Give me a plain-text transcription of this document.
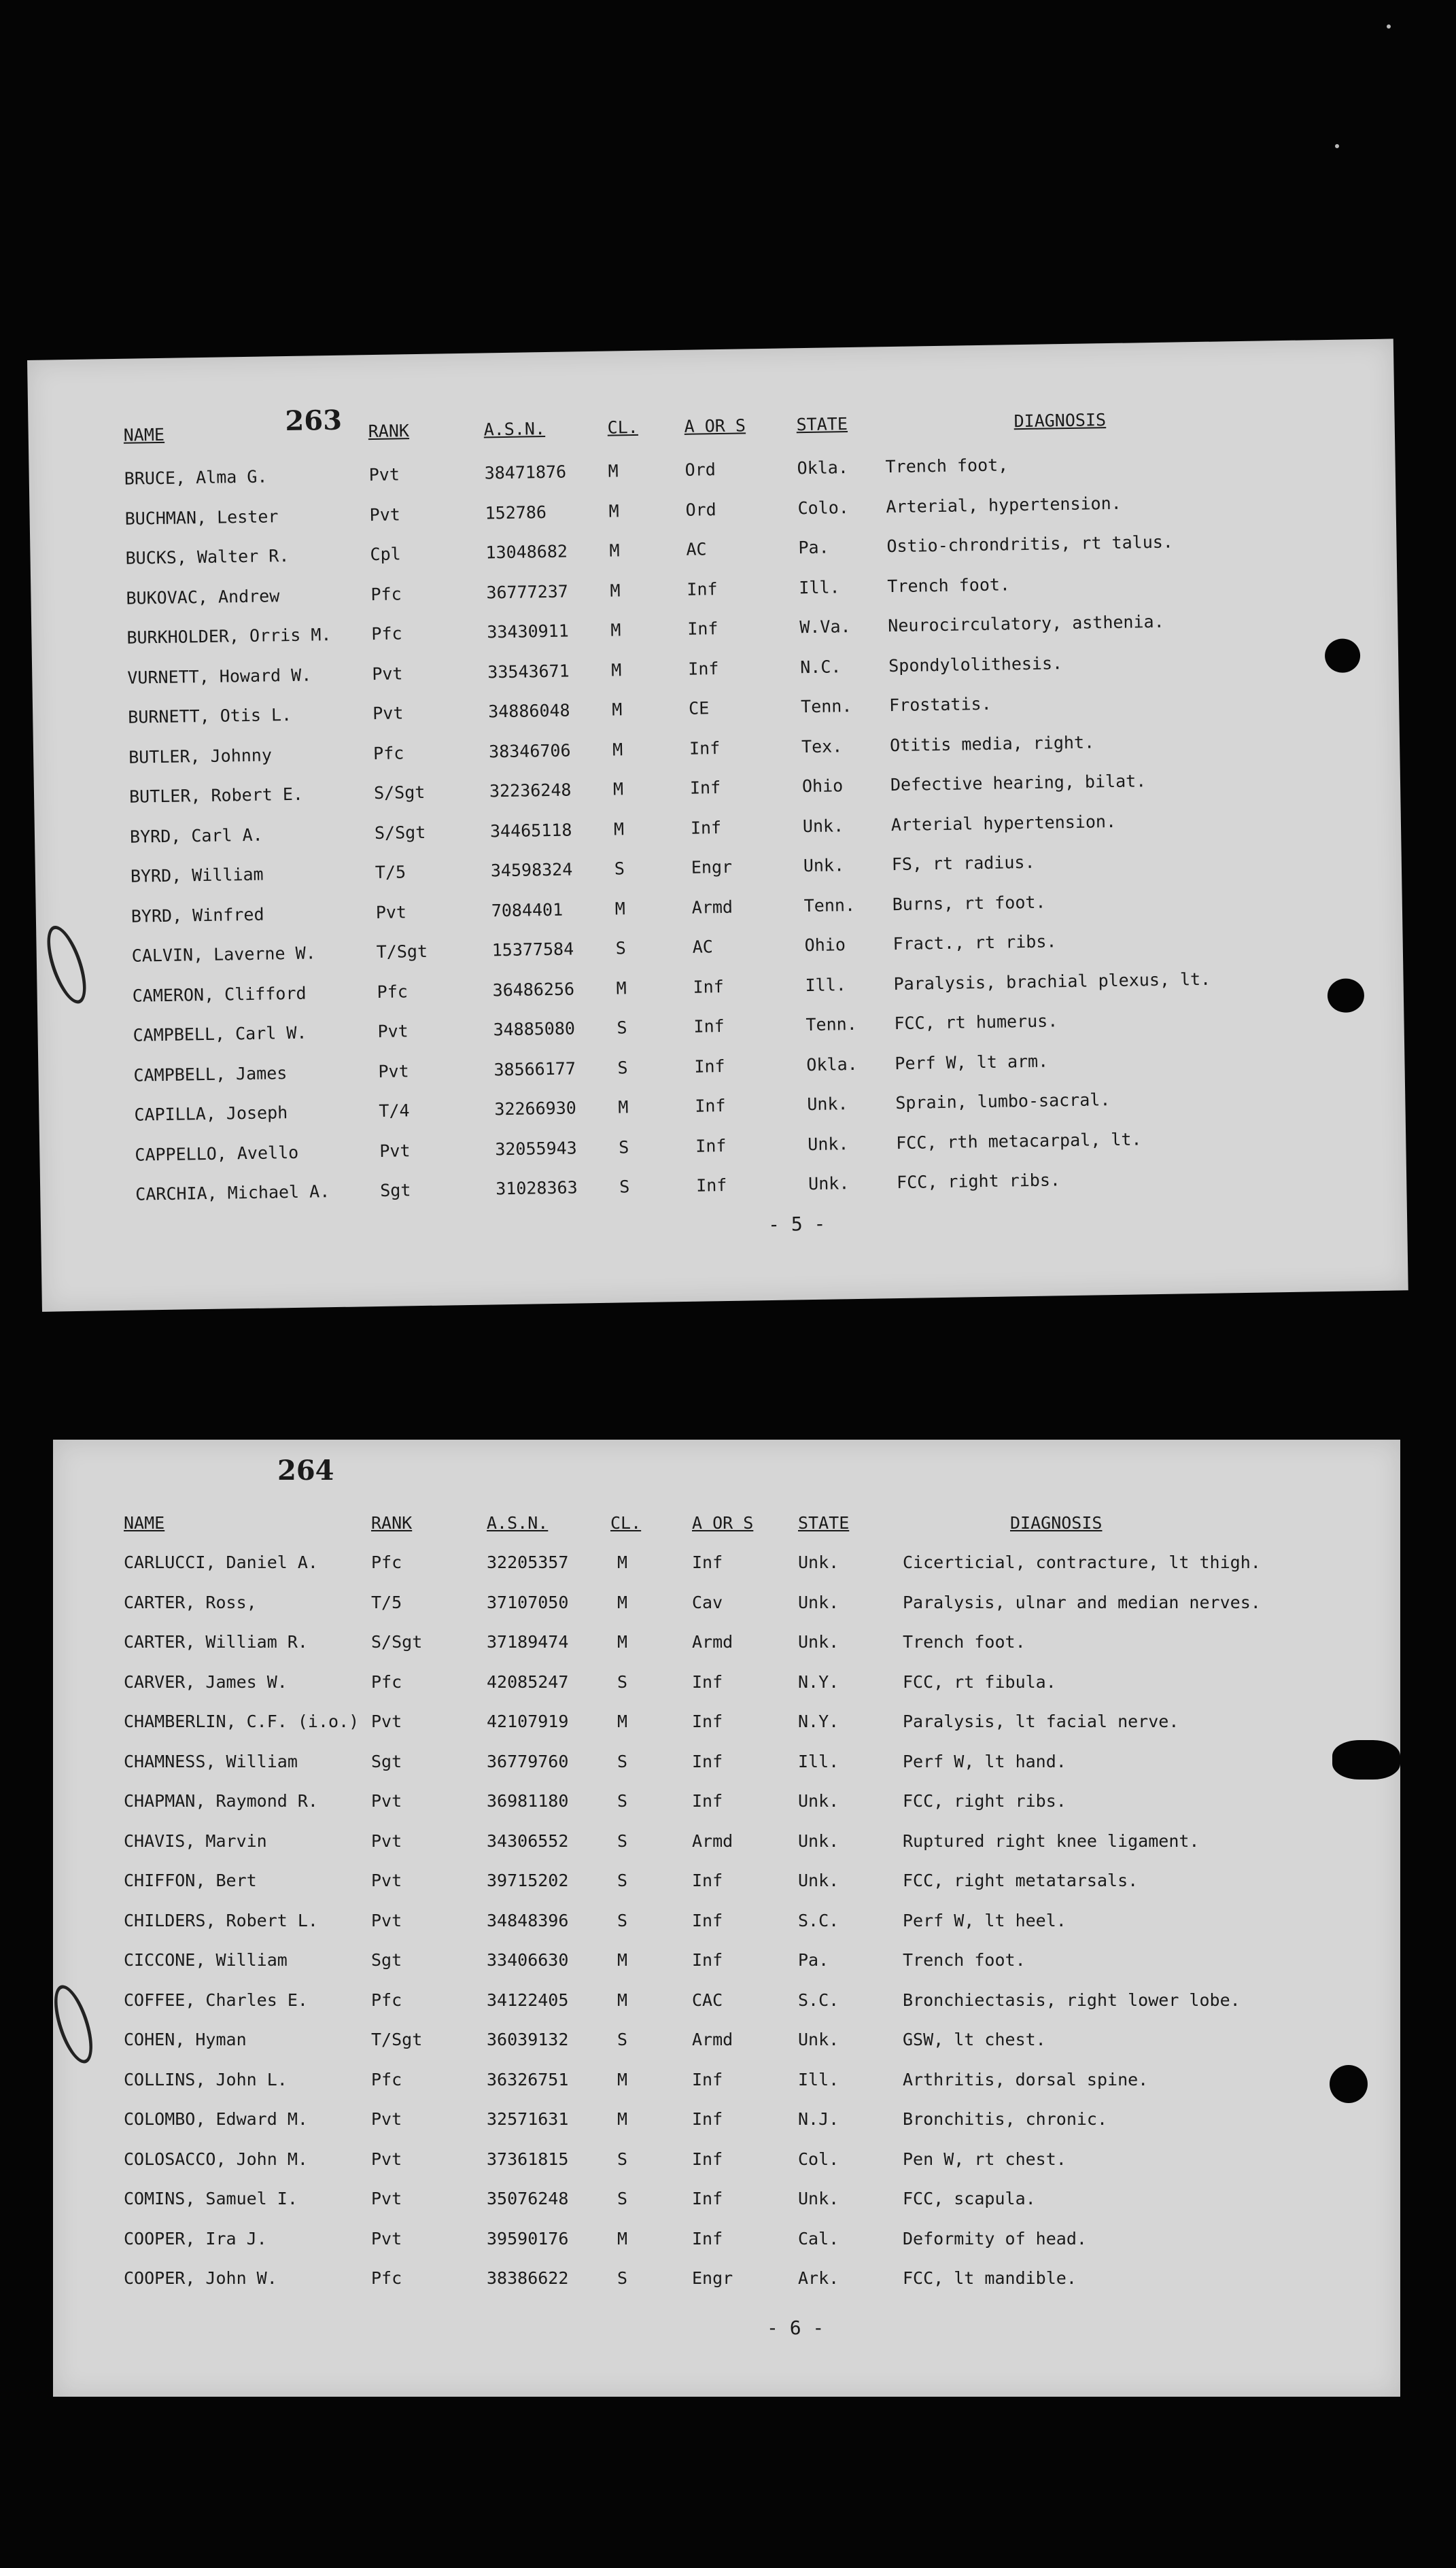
263
NAME	RANK	A.S.N.	CL.	A OR S	STATE	DIAGNOSIS
- 5 -
BRUCE, Alma G.	Pvt	38471876 M	Ord	Okla. Trench foot,
BUCHMAN, Lester	Pvt	152786	M	Ord	Colo. Arterial, hypertension.
BUCKS, Walter R.	Cpl	13048682 M	AC	Pa.	Ostio-chrondritis, rt talus.
BUKOVAC, Andrew	Pfc	36777237 M	Inf	Ill.	Trench foot.
BURKHOLDER, Orris M. Pfc	33430911 M	Inf	W.Va. Neurocirculatory, asthenia.
VURNETT, Howard W.	Pvt	33543671 M	Inf	N.C.	Spondylolithesis.
BURNETT, Otis L.	Pvt	34886048 M	CE	Tenn. Frostatis.
BUTLER, Johnny	Pfc	38346706 M	Inf	Tex.	Otitis media, right.
BUTLER, Robert E.	S/Sgt	32236248 M	Inf	Ohio	Defective hearing, bilat.
BYRD, Carl A.	S/Sgt	34465118 M	Inf	Unk.	Arterial hypertension.
BYRD, William	T/5	34598324 S	Engr	Unk.	FS, rt radius.
BYRD, Winfred	Pvt	7084401	M	Armd	Tenn. Burns, rt foot.
CALVIN, Laverne W.	T/Sgt	15377584 S	AC	Ohio	Fract., rt ribs.
CAMERON, Clifford	Pfc	36486256 M	Inf	Ill.	Paralysis, brachial plexus, lt.
CAMPBELL, Carl W.	Pvt	34885080 S	Inf	Tenn. FCC, rt humerus.
CAMPBELL, James	Pvt	38566177 S	Inf	Okla. Perf W, lt arm.
CAPILLA, Joseph	T/4	32266930 M	Inf	Unk.	Sprain, lumbo-sacral.
CAPPELLO, Avello	Pvt	32055943 S	Inf	Unk.	FCC, rth metacarpal, lt.
CARCHIA, Michael A.	Sgt	31028363 S	Inf	Unk.	FCC, right ribs.
264
NAME	RANK	A.S.N.	CL.	A OR S	STATE	DIAGNOSIS
- 6 -
CARLUCCI, Daniel A.	Pfc	32205357	M	Inf	Unk.	Cicerticial, contracture, lt thigh.
CARTER, Ross,	T/5	37107050	M	Cav	Unk.	Paralysis, ulnar and median nerves.
CARTER, William R.	S/Sgt	37189474	M	Armd	Unk.	Trench foot.
CARVER, James W.	Pfc	42085247	S	Inf	N.Y.	FCC, rt fibula.
CHAMBERLIN, C.F. (i.o.) Pvt	42107919	M	Inf	N.Y.	Paralysis, lt facial nerve.
CHAMNESS, William	Sgt	36779760	S	Inf	Ill.	Perf W, lt hand.
CHAPMAN, Raymond R.	Pvt	36981180	S	Inf	Unk.	FCC, right ribs.
CHAVIS, Marvin	Pvt	34306552	S	Armd	Unk.	Ruptured right knee ligament.
CHIFFON, Bert	Pvt	39715202	S	Inf	Unk.	FCC, right metatarsals.
CHILDERS, Robert L.	Pvt	34848396	S	Inf	S.C.	Perf W, lt heel.
CICCONE, William	Sgt	33406630	M	Inf	Pa.	Trench foot.
COFFEE, Charles E.	Pfc	34122405	M	CAC	S.C.	Bronchiectasis, right lower lobe.
COHEN, Hyman	T/Sgt	36039132	S	Armd	Unk.	GSW, lt chest.
COLLINS, John L.	Pfc	36326751	M	Inf	Ill.	Arthritis, dorsal spine.
COLOMBO, Edward M.	Pvt	32571631	M	Inf	N.J.	Bronchitis, chronic.
COLOSACCO, John M.	Pvt	37361815	S	Inf	Col.	Pen W, rt chest.
COMINS, Samuel I.	Pvt	35076248	S	Inf	Unk.	FCC, scapula.
COOPER, Ira J.	Pvt	39590176	M	Inf	Cal.	Deformity of head.
COOPER, John W.	Pfc	38386622	S	Engr	Ark.	FCC, lt mandible.
